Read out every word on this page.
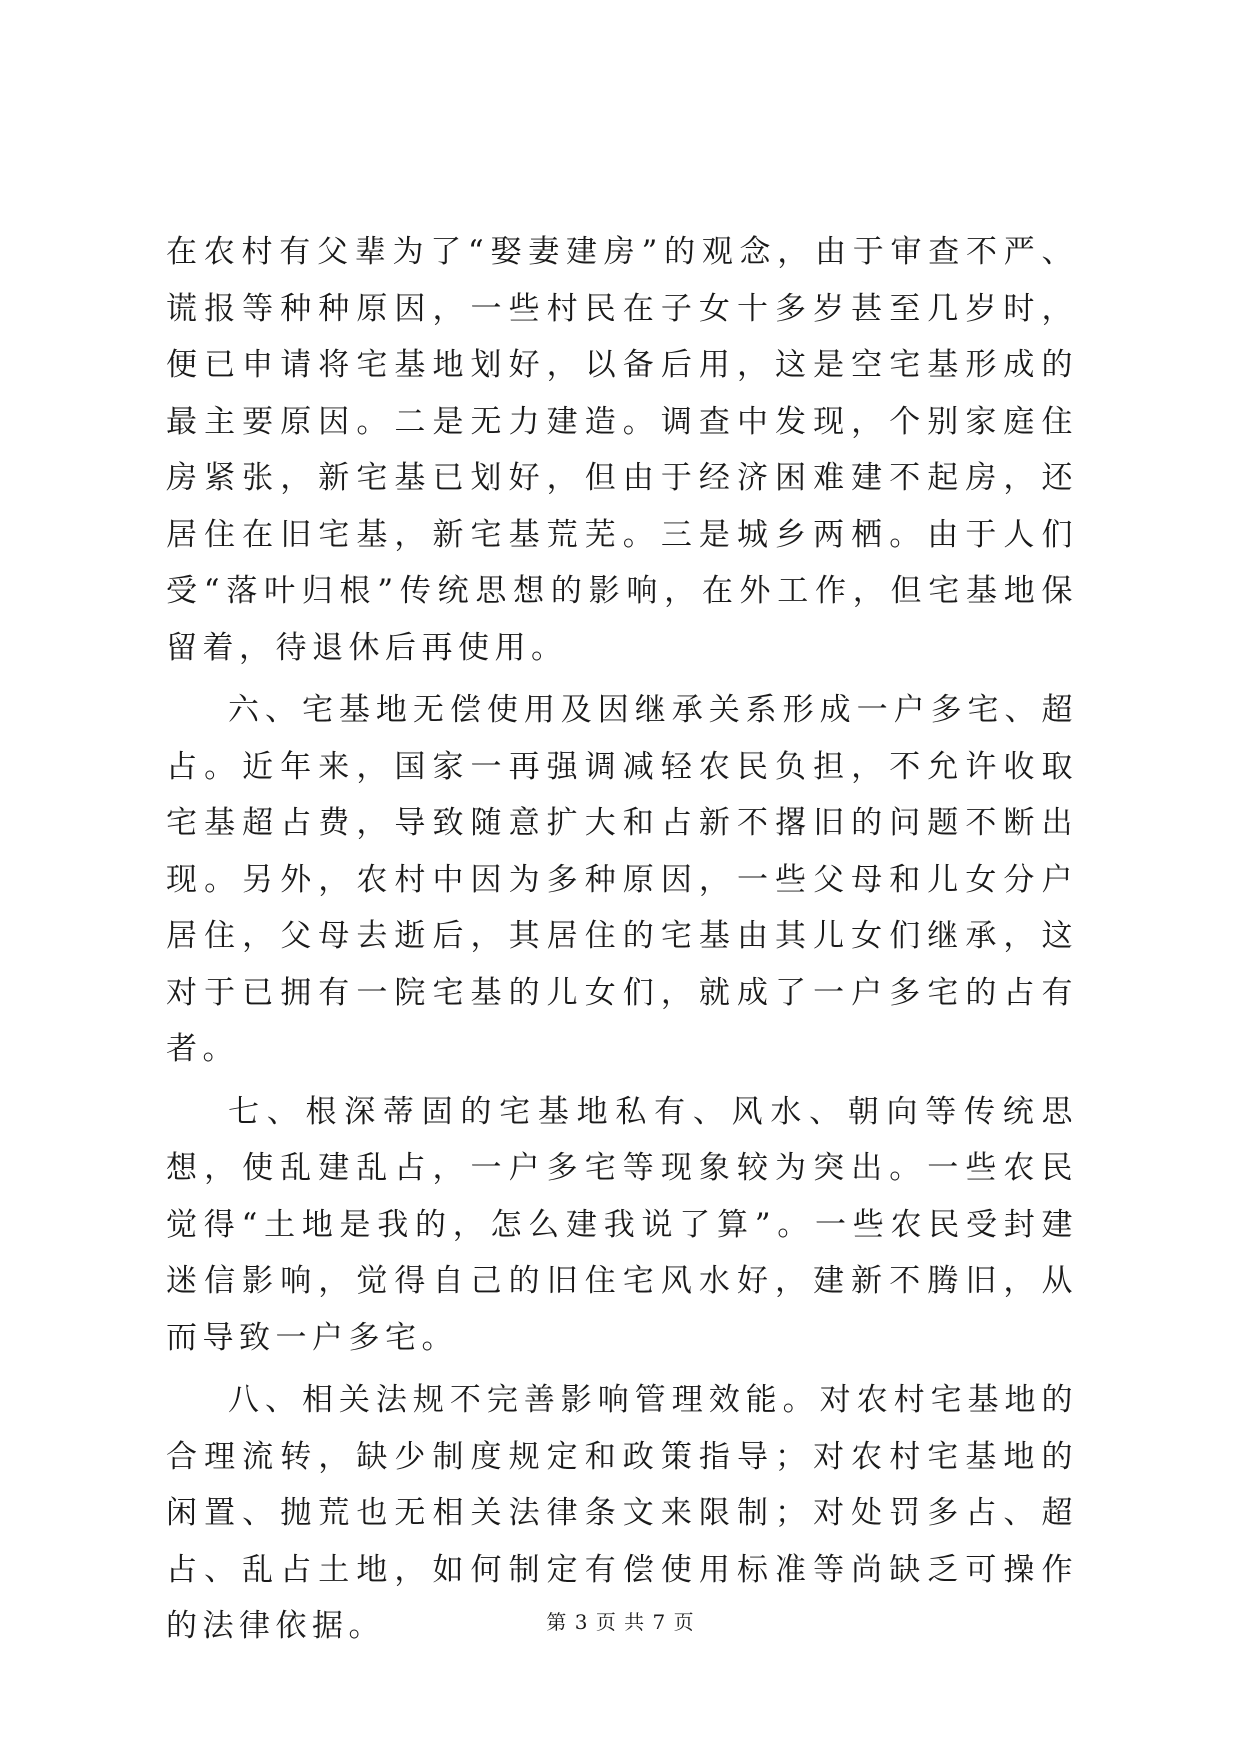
在农村有父辈为了“娶妻建房”的观念，由于审查不严、谎报等种种原因，一些村民在子女十多岁甚至几岁时，便已申请将宅基地划好，以备后用，这是空宅基形成的最主要原因。二是无力建造。调查中发现，个别家庭住房紧张，新宅基已划好，但由于经济困难建不起房，还居住在旧宅基，新宅基荒芜。三是城乡两栖。由于人们受“落叶归根”传统思想的影响，在外工作，但宅基地保留着，待退休后再使用。

六、宅基地无偿使用及因继承关系形成一户多宅、超占。近年来，国家一再强调减轻农民负担，不允许收取宅基超占费，导致随意扩大和占新不撂旧的问题不断出现。另外，农村中因为多种原因，一些父母和儿女分户居住，父母去逝后，其居住的宅基由其儿女们继承，这对于已拥有一院宅基的儿女们，就成了一户多宅的占有者。

七、根深蒂固的宅基地私有、风水、朝向等传统思想，使乱建乱占，一户多宅等现象较为突出。一些农民觉得“土地是我的，怎么建我说了算”。一些农民受封建迷信影响，觉得自己的旧住宅风水好，建新不腾旧，从而导致一户多宅。

八、相关法规不完善影响管理效能。对农村宅基地的合理流转，缺少制度规定和政策指导；对农村宅基地的闲置、抛荒也无相关法律条文来限制；对处罚多占、超占、乱占土地，如何制定有偿使用标准等尚缺乏可操作的法律依据。	第 3 页 共 7 页
